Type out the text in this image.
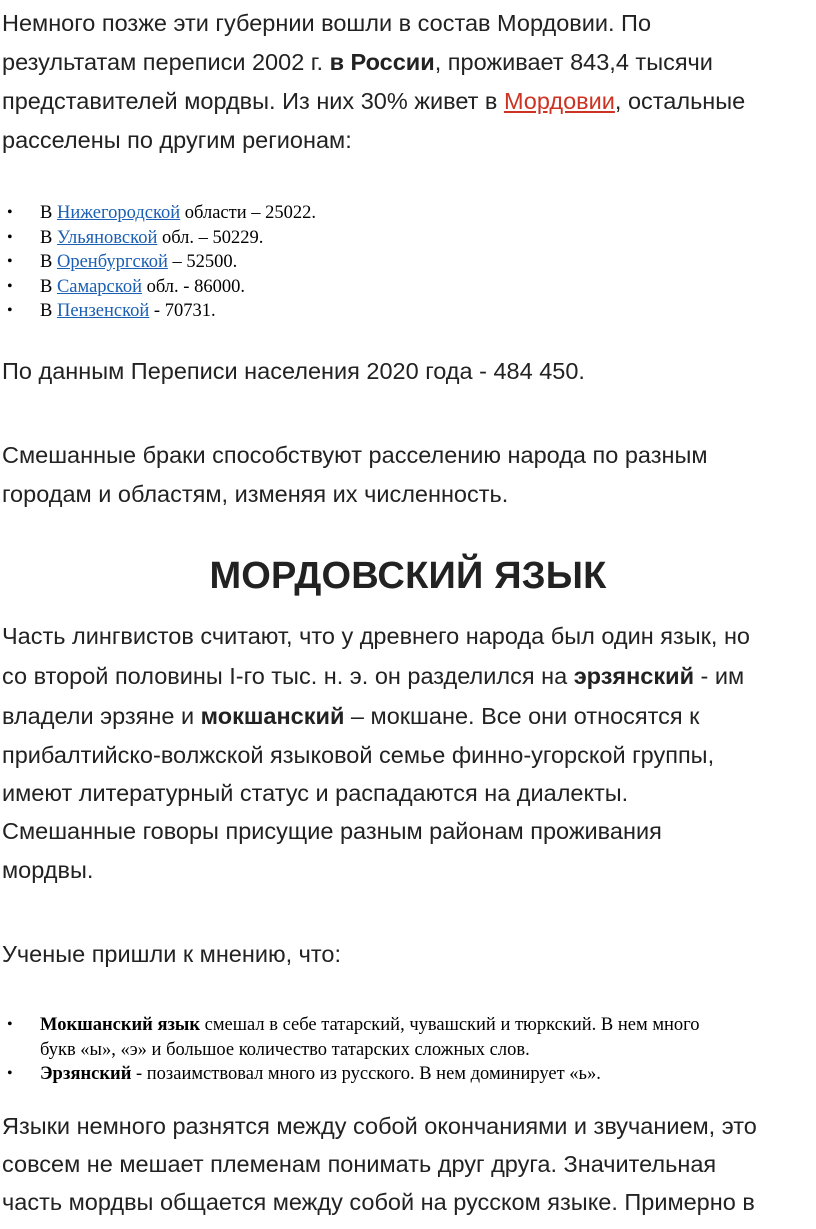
Немного позже эти губернии вошли в состав Мордовии. По
результатам переписи 2002 г. в России, проживает 843,4 тысячи
представителей мордвы. Из них 30% живет в Мордовии, остальные
расселены по другим регионам:
• В Нижегородской области – 25022.
• В Ульяновской обл. – 50229.
• В Оренбургской – 52500.
• В Самарской обл. - 86000.
• В Пензенской - 70731.
По данным Переписи населения 2020 года - 484 450.
Смешанные браки способствуют расселению народа по разным
городам и областям, изменяя их численность.
МОРДОВСКИЙ ЯЗЫК
Часть лингвистов считают, что у древнего народа был один язык, но
со второй половины I-го тыс. н. э. он разделился на эрзянский - им
владели эрзяне и мокшанский – мокшане. Все они относятся к
прибалтийско-волжской языковой семье финно-угорской группы,
имеют литературный статус и распадаются на диалекты.
Смешанные говоры присущие разным районам проживания
мордвы.
Ученые пришли к мнению, что:
• Мокшанский язык смешал в себе татарский, чувашский и тюркский. В нем много
букв «ы», «э» и большое количество татарских сложных слов.
• Эрзянский - позаимствовал много из русского. В нем доминирует «ь».
Языки немного разнятся между собой окончаниями и звучанием, это
совсем не мешает племенам понимать друг друга. Значительная
часть мордвы общается между собой на русском языке. Примерно в
